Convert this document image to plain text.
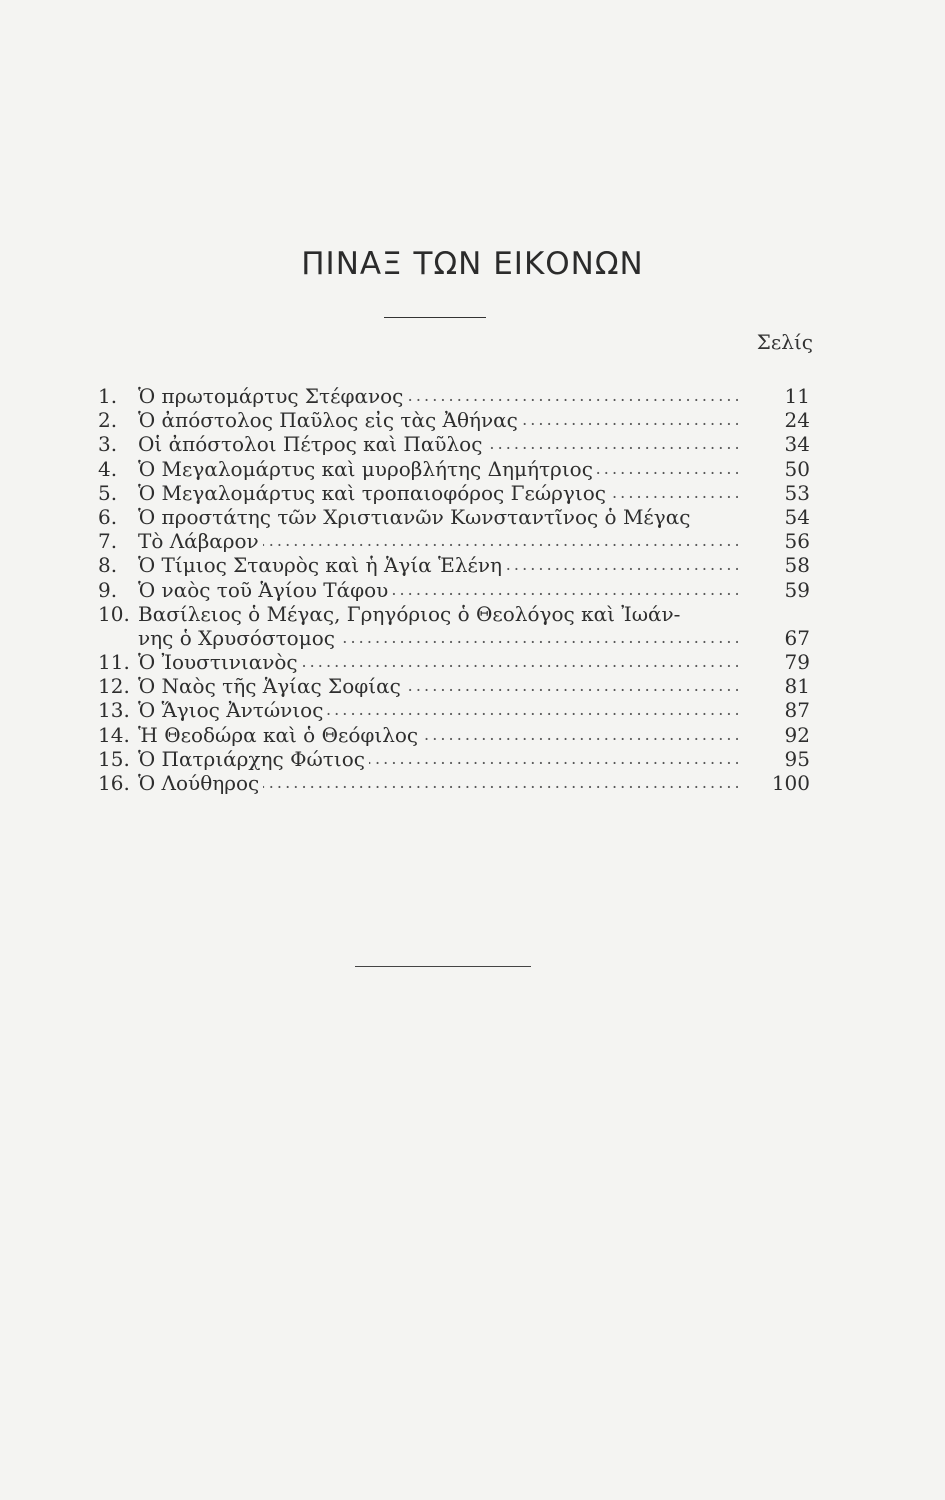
ΠΙΝΑΞ ΤΩΝ ΕΙΚΟΝΩΝ
Σελίς
1.	Ὁ πρωτομάρτυς Στέφανος . . .	11
2.	Ὁ ἀπόστολος Παῦλος εἰς τὰς Ἀθήνας . . .	24
3.	Οἱ ἀπόστολοι Πέτρος καὶ Παῦλος . . .	34
4.	Ὁ Μεγαλομάρτυς καὶ μυροβλήτης Δημήτριος . . .	50
5.	Ὁ Μεγαλομάρτυς καὶ τροπαιοφόρος Γεώργιος . . .	53
6.	Ὁ προστάτης τῶν Χριστιανῶν Κωνσταντῖνος ὁ Μέγας	54
7.	Τὸ Λάβαρον . . .	56
8.	Ὁ Τίμιος Σταυρὸς καὶ ἡ Ἁγία Ἑλένη . . .	58
9.	Ὁ ναὸς τοῦ Ἁγίου Τάφου . . .	59
10. Βασίλειος ὁ Μέγας, Γρηγόριος ὁ Θεολόγος καὶ Ἰωάν-
νης ὁ Χρυσόστομος . . .	67
11. Ὁ Ἰουστινιανὸς . . .	79
12. Ὁ Ναὸς τῆς Ἁγίας Σοφίας . . .	81
13. Ὁ Ἅγιος Ἀντώνιος . . .	87
14. Ἡ Θεοδώρα καὶ ὁ Θεόφιλος . . .	92
15. Ὁ Πατριάρχης Φώτιος . . .	95
16. Ὁ Λούθηρος . . .	100
